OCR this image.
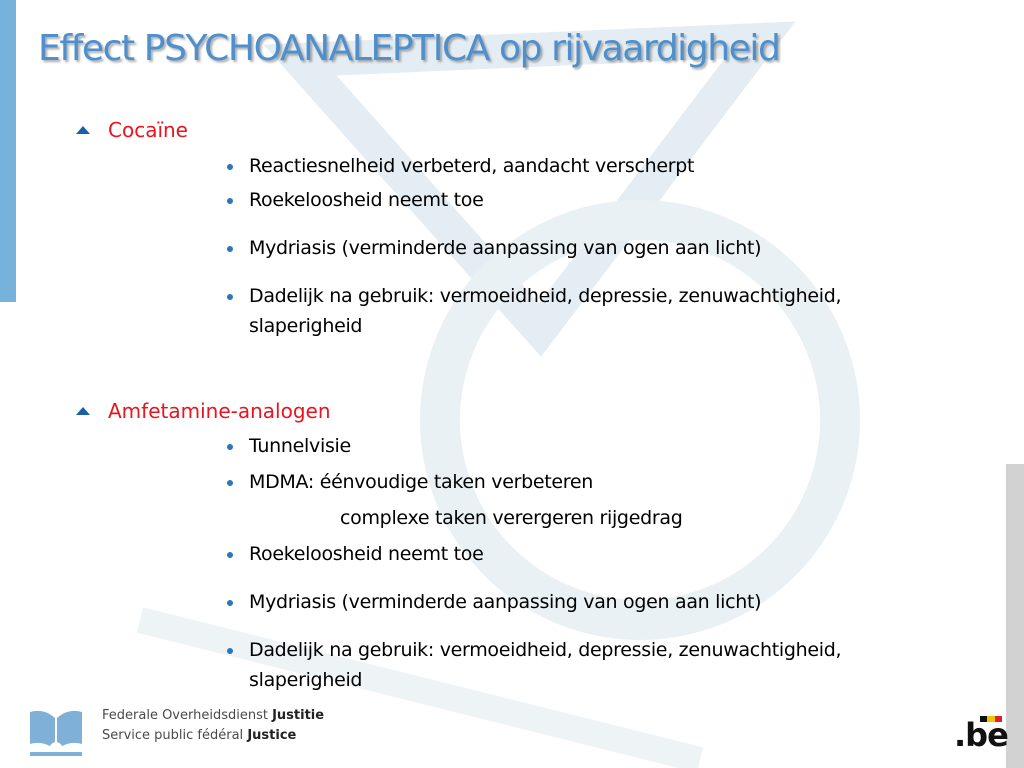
Effect PSYCHOANALEPTICA op rijvaardigheid

Cocaïne

Reactiesnelheid verbeterd, aandacht verscherpt

Roekeloosheid neemt toe

Mydriasis (verminderde aanpassing van ogen aan licht)

Dadelijk na gebruik: vermoeidheid, depressie, zenuwachtigheid,

slaperigheid

Amfetamine-analogen

Tunnelvisie

MDMA: éénvoudige taken verbeteren

complexe taken verergeren rijgedrag

Roekeloosheid neemt toe

Mydriasis (verminderde aanpassing van ogen aan licht)

Dadelijk na gebruik: vermoeidheid, depressie, zenuwachtigheid,

slaperigheid

Federale Overheidsdienst Justitie
Service public fédéral Justice	.be
